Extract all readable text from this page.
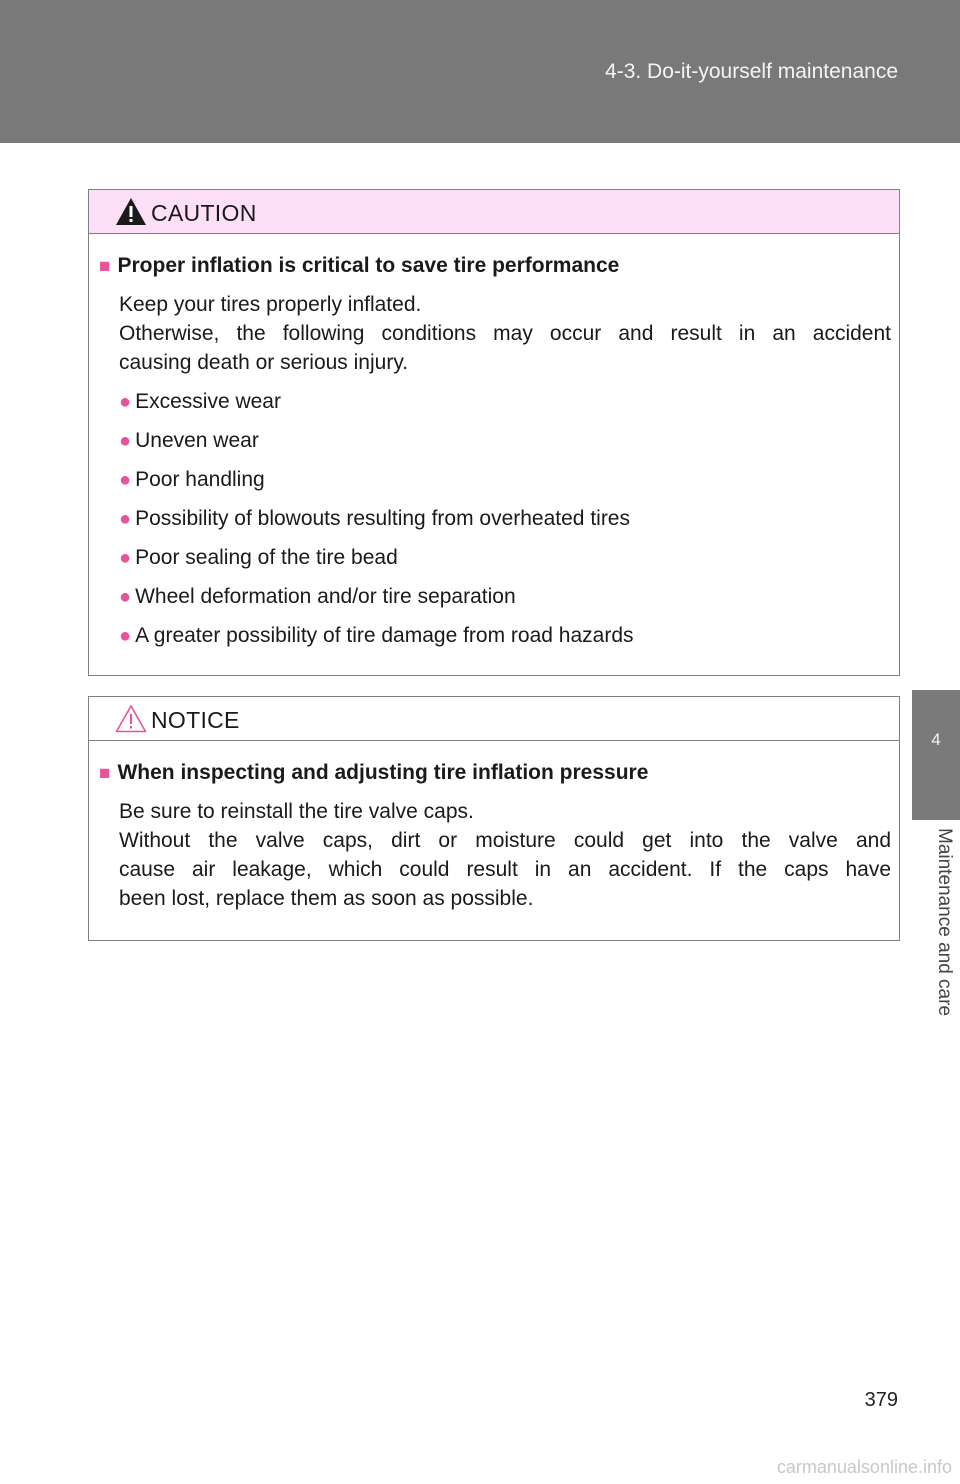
4-3. Do-it-yourself maintenance
4
Maintenance and care
CAUTION
■ Proper inflation is critical to save tire performance
Keep your tires properly inflated.
Otherwise, the following conditions may occur and result in an accident
causing death or serious injury.
● Excessive wear
● Uneven wear
● Poor handling
● Possibility of blowouts resulting from overheated tires
● Poor sealing of the tire bead
● Wheel deformation and/or tire separation
● A greater possibility of tire damage from road hazards
NOTICE
■ When inspecting and adjusting tire inflation pressure
Be sure to reinstall the tire valve caps.
Without the valve caps, dirt or moisture could get into the valve and
cause air leakage, which could result in an accident. If the caps have
been lost, replace them as soon as possible.
379
carmanualsonline.info
